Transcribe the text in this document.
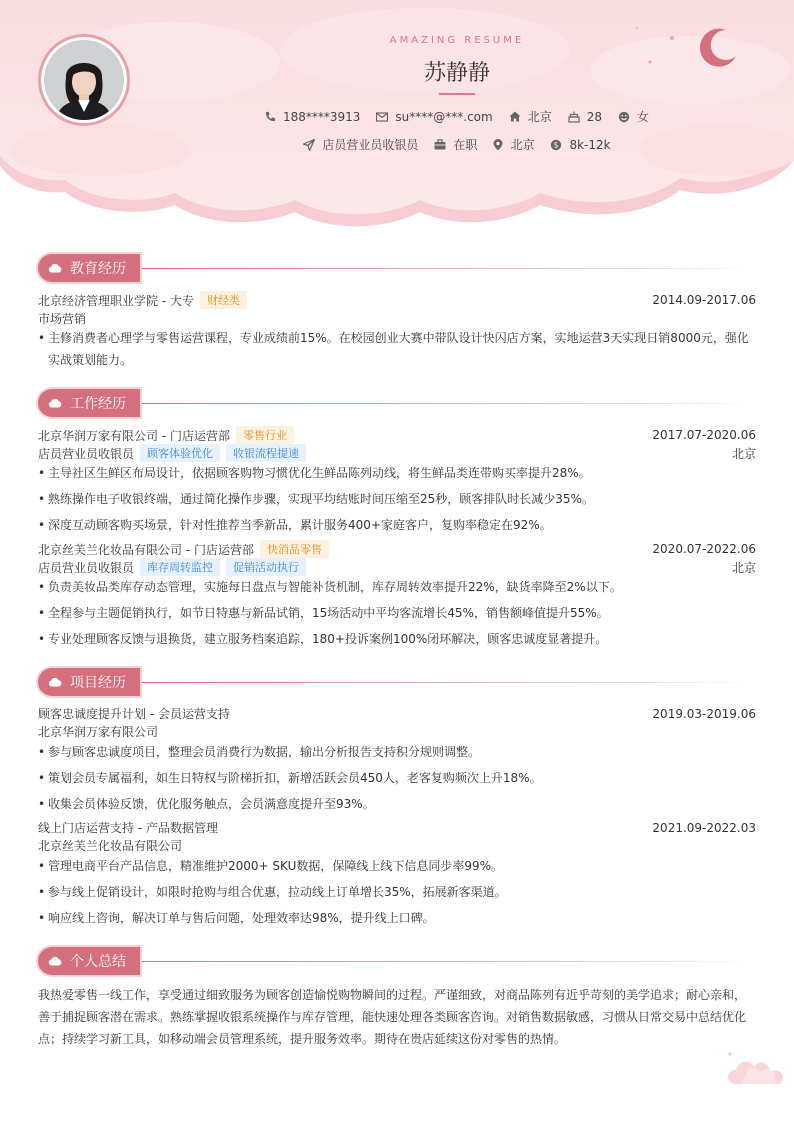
AMAZING RESUME
苏静静
188****3913	su****@***.com	北京	28	女
店员营业员收银员	在职	北京	$ 8k-12k
教育经历
北京经济管理职业学院 - 大专	财经类	2014.09-2017.06
市场营销
• 主修消费者心理学与零售运营课程，专业成绩前15%。在校园创业大赛中带队设计快闪店方案，实地运营3天实现日销8000元，强化实战策划能力。
工作经历
北京华润万家有限公司 - 门店运营部	零售行业	2017.07-2020.06
店员营业员收银员	顾客体验优化	收银流程提速	北京
• 主导社区生鲜区布局设计，依据顾客购物习惯优化生鲜品陈列动线，将生鲜品类连带购买率提升28%。
• 熟练操作电子收银终端，通过简化操作步骤，实现平均结账时间压缩至25秒，顾客排队时长减少35%。
• 深度互动顾客购买场景，针对性推荐当季新品，累计服务400+家庭客户，复购率稳定在92%。
北京丝芙兰化妆品有限公司 - 门店运营部	快消品零售	2020.07-2022.06
店员营业员收银员	库存周转监控	促销活动执行	北京
• 负责美妆品类库存动态管理，实施每日盘点与智能补货机制，库存周转效率提升22%，缺货率降至2%以下。
• 全程参与主题促销执行，如节日特惠与新品试销，15场活动中平均客流增长45%，销售额峰值提升55%。
• 专业处理顾客反馈与退换货，建立服务档案追踪，180+投诉案例100%闭环解决，顾客忠诚度显著提升。
项目经历
顾客忠诚度提升计划 - 会员运营支持	2019.03-2019.06
北京华润万家有限公司
• 参与顾客忠诚度项目，整理会员消费行为数据，输出分析报告支持积分规则调整。
• 策划会员专属福利，如生日特权与阶梯折扣，新增活跃会员450人，老客复购频次上升18%。
• 收集会员体验反馈，优化服务触点，会员满意度提升至93%。
线上门店运营支持 - 产品数据管理	2021.09-2022.03
北京丝芙兰化妆品有限公司
• 管理电商平台产品信息，精准维护2000+ SKU数据，保障线上线下信息同步率99%。
• 参与线上促销设计，如限时抢购与组合优惠，拉动线上订单增长35%，拓展新客渠道。
• 响应线上咨询，解决订单与售后问题，处理效率达98%，提升线上口碑。
个人总结
我热爱零售一线工作，享受通过细致服务为顾客创造愉悦购物瞬间的过程。严谨细致，对商品陈列有近乎苛刻的美学追求；耐心亲和，善于捕捉顾客潜在需求。熟练掌握收银系统操作与库存管理，能快速处理各类顾客咨询。对销售数据敏感，习惯从日常交易中总结优化点；持续学习新工具，如移动端会员管理系统，提升服务效率。期待在贵店延续这份对零售的热情。
